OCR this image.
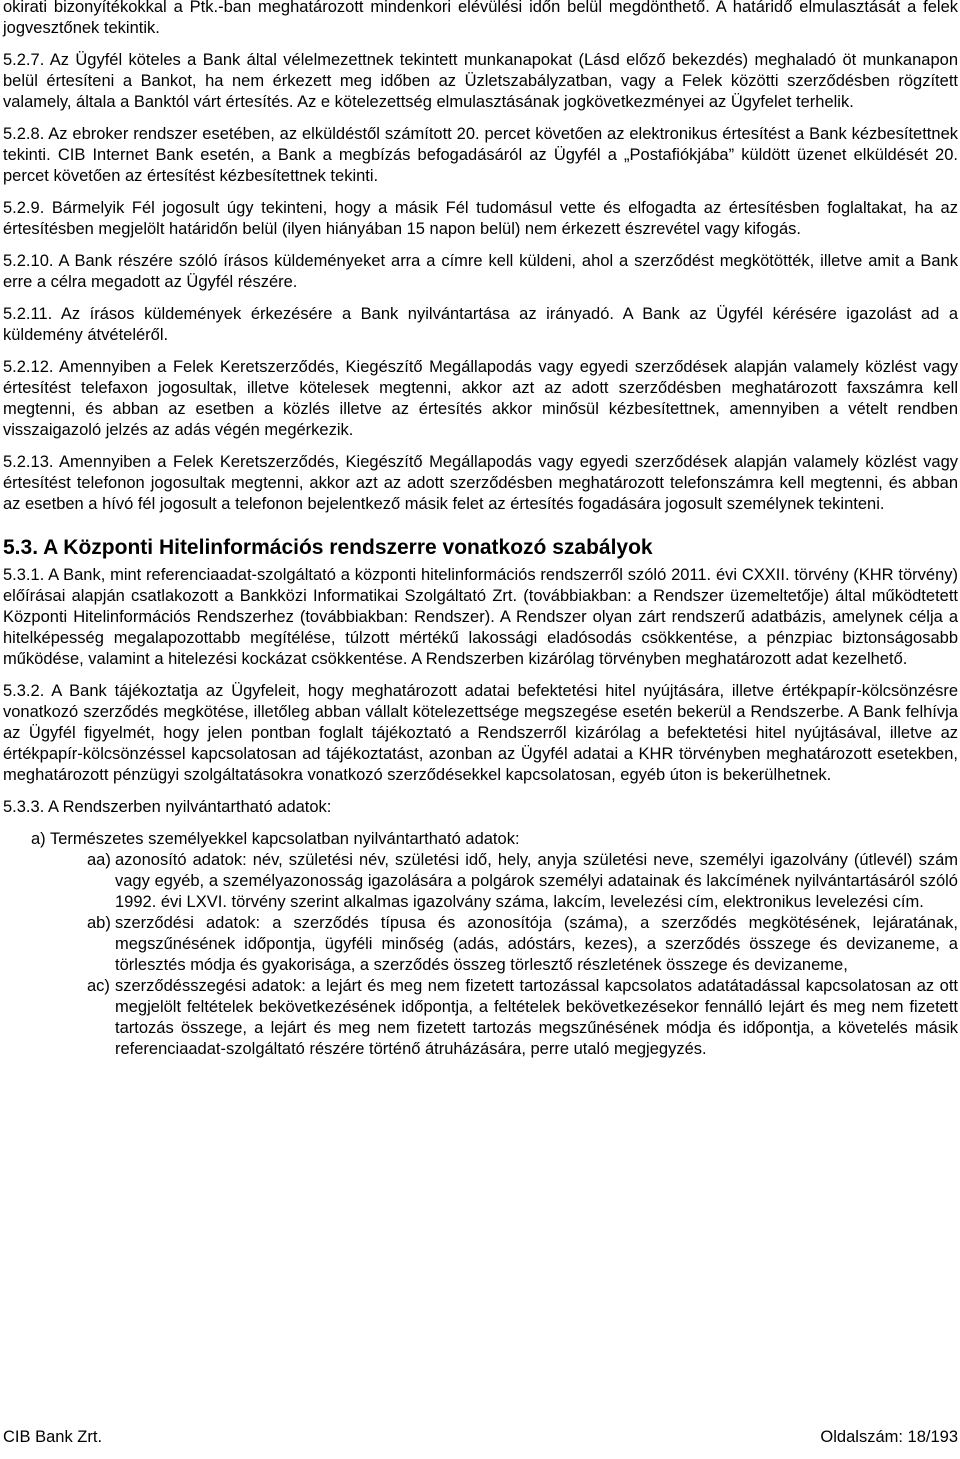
okirati bizonyítékokkal a Ptk.-ban meghatározott mindenkori elévülési időn belül megdönthető. A határidő elmulasztását a felek jogvesztőnek tekintik.

5.2.7. Az Ügyfél köteles a Bank által vélelmezettnek tekintett munkanapokat (Lásd előző bekezdés) meghaladó öt munkanapon belül értesíteni a Bankot, ha nem érkezett meg időben az Üzletszabályzatban, vagy a Felek közötti szerződésben rögzített valamely, általa a Banktól várt értesítés. Az e kötelezettség elmulasztásának jogkövetkezményei az Ügyfelet terhelik.

5.2.8. Az ebroker rendszer esetében, az elküldéstől számított 20. percet követően az elektronikus értesítést a Bank kézbesítettnek tekinti. CIB Internet Bank esetén, a Bank a megbízás befogadásáról az Ügyfél a „Postafiókjába” küldött üzenet elküldését 20. percet követően az értesítést kézbesítettnek tekinti.

5.2.9. Bármelyik Fél jogosult úgy tekinteni, hogy a másik Fél tudomásul vette és elfogadta az értesítésben foglaltakat, ha az értesítésben megjelölt határidőn belül (ilyen hiányában 15 napon belül) nem érkezett észrevétel vagy kifogás.

5.2.10. A Bank részére szóló írásos küldeményeket arra a címre kell küldeni, ahol a szerződést megkötötték, illetve amit a Bank erre a célra megadott az Ügyfél részére.

5.2.11. Az írásos küldemények érkezésére a Bank nyilvántartása az irányadó. A Bank az Ügyfél kérésére igazolást ad a küldemény átvételéről.

5.2.12. Amennyiben a Felek Keretszerződés, Kiegészítő Megállapodás vagy egyedi szerződések alapján valamely közlést vagy értesítést telefaxon jogosultak, illetve kötelesek megtenni, akkor azt az adott szerződésben meghatározott faxszámra kell megtenni, és abban az esetben a közlés illetve az értesítés akkor minősül kézbesítettnek, amennyiben a vételt rendben visszaigazoló jelzés az adás végén megérkezik.

5.2.13. Amennyiben a Felek Keretszerződés, Kiegészítő Megállapodás vagy egyedi szerződések alapján valamely közlést vagy értesítést telefonon jogosultak megtenni, akkor azt az adott szerződésben meghatározott telefonszámra kell megtenni, és abban az esetben a hívó fél jogosult a telefonon bejelentkező másik felet az értesítés fogadására jogosult személynek tekinteni.

5.3. A Központi Hitelinformációs rendszerre vonatkozó szabályok

5.3.1. A Bank, mint referenciaadat-szolgáltató a központi hitelinformációs rendszerről szóló 2011. évi CXXII. törvény (KHR törvény) előírásai alapján csatlakozott a Bankközi Informatikai Szolgáltató Zrt. (továbbiakban: a Rendszer üzemeltetője) által működtetett Központi Hitelinformációs Rendszerhez (továbbiakban: Rendszer). A Rendszer olyan zárt rendszerű adatbázis, amelynek célja a hitelképesség megalapozottabb megítélése, túlzott mértékű lakossági eladósodás csökkentése, a pénzpiac biztonságosabb működése, valamint a hitelezési kockázat csökkentése. A Rendszerben kizárólag törvényben meghatározott adat kezelhető.

5.3.2. A Bank tájékoztatja az Ügyfeleit, hogy meghatározott adatai befektetési hitel nyújtására, illetve értékpapír-kölcsönzésre vonatkozó szerződés megkötése, illetőleg abban vállalt kötelezettsége megszegése esetén bekerül a Rendszerbe. A Bank felhívja az Ügyfél figyelmét, hogy jelen pontban foglalt tájékoztató a Rendszerről kizárólag a befektetési hitel nyújtásával, illetve az értékpapír-kölcsönzéssel kapcsolatosan ad tájékoztatást, azonban az Ügyfél adatai a KHR törvényben meghatározott esetekben, meghatározott pénzügyi szolgáltatásokra vonatkozó szerződésekkel kapcsolatosan, egyéb úton is bekerülhetnek.

5.3.3. A Rendszerben nyilvántartható adatok:

a) Természetes személyekkel kapcsolatban nyilvántartható adatok:
aa) azonosító adatok: név, születési név, születési idő, hely, anyja születési neve, személyi igazolvány (útlevél) szám vagy egyéb, a személyazonosság igazolására a polgárok személyi adatainak és lakcímének nyilvántartásáról szóló 1992. évi LXVI. törvény szerint alkalmas igazolvány száma, lakcím, levelezési cím, elektronikus levelezési cím.
ab) szerződési adatok: a szerződés típusa és azonosítója (száma), a szerződés megkötésének, lejáratának, megszűnésének időpontja, ügyféli minőség (adás, adóstárs, kezes), a szerződés összege és devizaneme, a törlesztés módja és gyakorisága, a szerződés összeg törlesztő részletének összege és devizaneme,
ac) szerződésszegési adatok: a lejárt és meg nem fizetett tartozással kapcsolatos adatátadással kapcsolatosan az ott megjelölt feltételek bekövetkezésének időpontja, a feltételek bekövetkezésekor fennálló lejárt és meg nem fizetett tartozás összege, a lejárt és meg nem fizetett tartozás megszűnésének módja és időpontja, a követelés másik referenciaadat-szolgáltató részére történő átruházására, perre utaló megjegyzés.
CIB Bank Zrt.	Oldalszám: 18/193
